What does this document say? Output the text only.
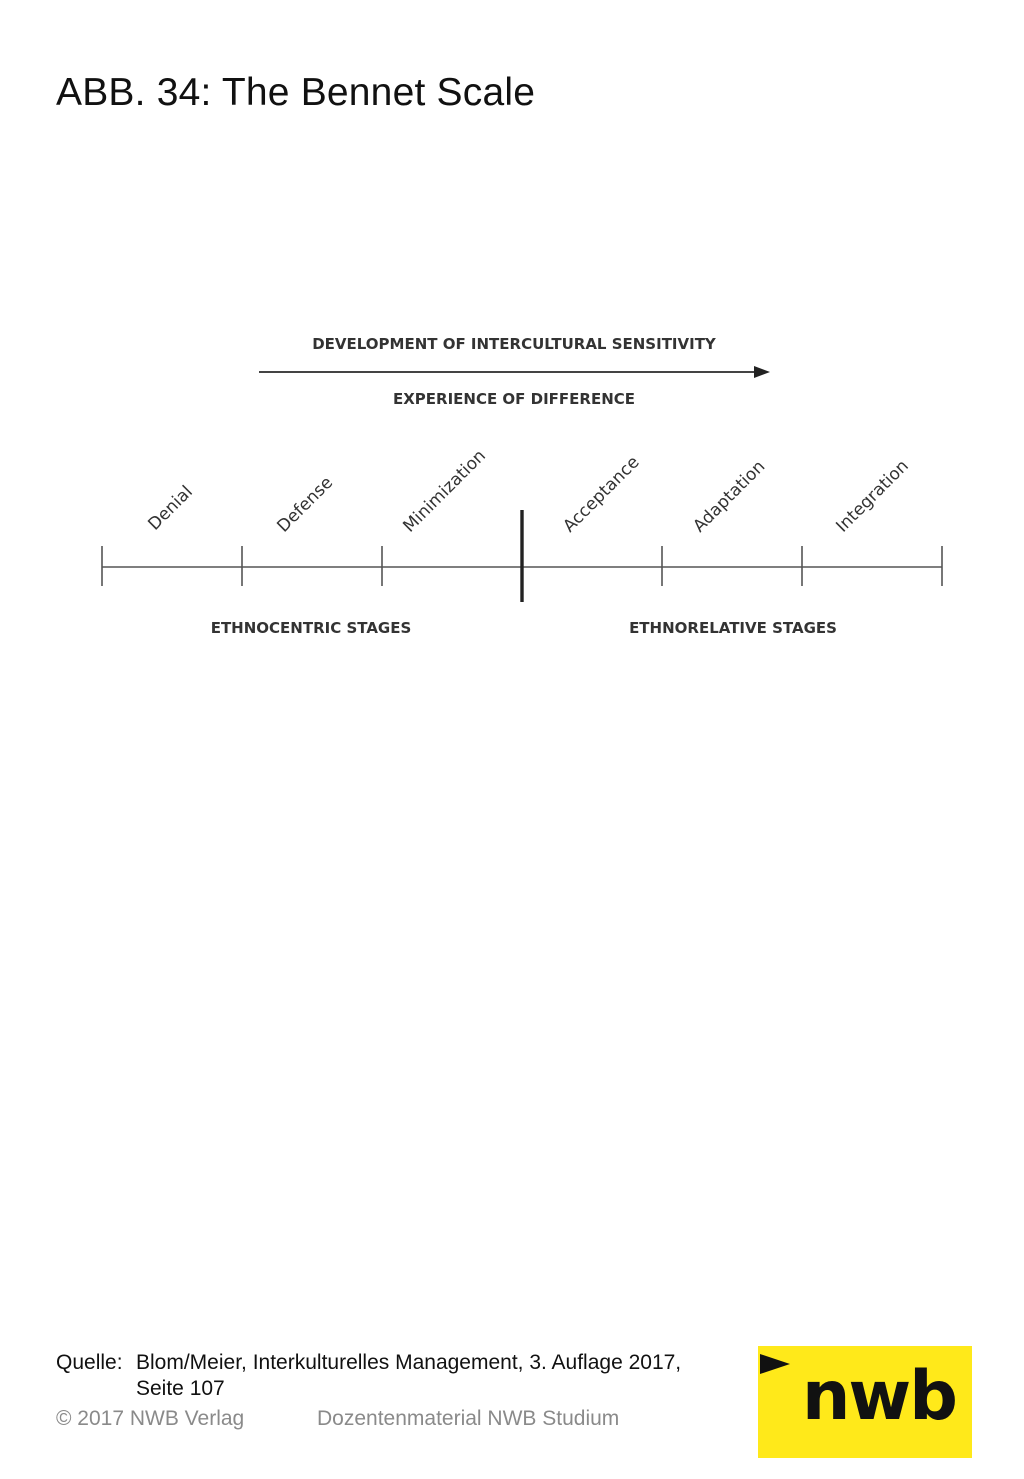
ABB. 34: The Bennet Scale
DEVELOPMENT OF INTERCULTURAL SENSITIVITY
EXPERIENCE OF DIFFERENCE
Denial	Defense	Minimization	Acceptance	Adaptation	Integration
ETHNOCENTRIC STAGES	ETHNORELATIVE STAGES
Quelle: Blom/Meier, Interkulturelles Management, 3. Auflage 2017,
Seite 107
© 2017 NWB Verlag	Dozentenmaterial NWB Studium	nwb
